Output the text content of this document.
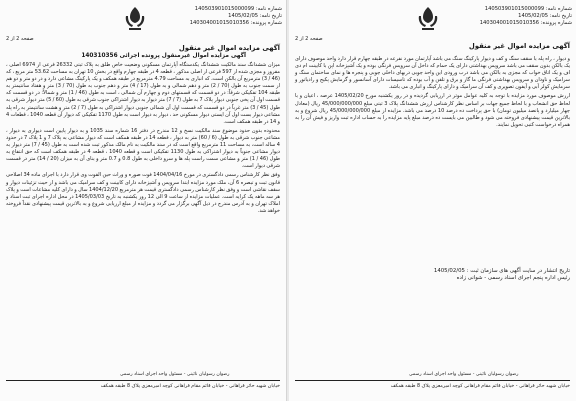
شماره نامه: 140503901015000099
تاریخ نامه: 1405/02/05
شماره پرونده: 140304001015010356
صفحه 2 از 2
آگهی مزایده اموال غیر منقول
آگهی مزایده اموال غیرمنقول پرونده اجرائی 140310356

میزان ششدانگ سند مالکیت ششدانگ یکدستگاه آپارتمان مسکونی وضعیت خاص طلق به پلاک ثبتی 26332 فرعی از 6974 اصلی ، مفروز و مجزی شده از 597 فرعی از اصلی مذکور ، قطعه 4 در طبقه چهارم واقع در بخش 10 تهران به مساحت 53.62 متر مربع ، که (46 / 3) مترمربع آن بالکن است، که انباری به مساحت 4.79 مترمربع در طبقه همکف و یک پارکینگ مشاعی دارد و در دو متر و دو هم از سمت جنوب به طول (70 / 2) متر و دهم شمالی و به طول (17 / 4) متر و دهم جنوب به طول (70 / 3) متر و هفتاد سانتیمتر به طبقه 104 تفکیکی شرقاً: در دو قسمت که قسمتهای دوم و چهارم آن شمالی ، است به طول (46 / 1) متر و شمالاً: در دو قسمت که قسمت اول آن پخی جنوبی دیوار پلاک 7 به طول (7 / 7) متر دیوار به دیوار اشتراکی جنوب شرقی به طول (60 / 5) متر دیوار شرقی به طول (45 / 3) متر غرباً در دو قسمت که قسمت اول آن شمالی جنوبی دیوار اشتراکی به طول (7 / 2) متر و هشت سانتیمتر به راه پله مشاعی دیوار بست اول آن ایستی دیوار مسکونی حد ، دیوار به دیوار است به طول 1170 تفکیکی که دیوار آن قطعه 1040 ، قطعات 4 و 14 در طبقه همکف است.

محدوده بدون حدود موضوع سند مالکیت نسخ و 12 مندرج در دفتر 16 شماره سند 1035 و به دیوار پایین است دیواری به دیوار ، مشاعی جنوب شرقی به طول (6 / 60) متر به دیوار ، قطعه 14 در طبقه همکف است که دیوار مشاعی به پلاک 7 و 1 پلاک 7 در حدود 4 ساله است، به مساحت 11 مترمربع واقع است که در سند مالکیت به نام مالک مذکور ثبت شده است به طول (45 / 7) متر دیوار به دیوار مشاعی جنوباً به دیوار اشتراکی به طول 1130 تفکیکی است و قطعه 1040 ، قطعه 4 در طبقه همکف است که حق انتفاع به طول (46 / 1) متر و مشاعی سمت راست پله ها و سرو داخلی به طول 0.8 و 0.7 متر و بنای آن به میزان (20 / 14) متر در قسمت شرقی دیوار است.

وفق نظر کارشناس رسمی دادگستری در مورخ 1404/04/16 فوت صوره و وراث حین الفوت وی قرار دارد با اجرای ماده 34 اصلاحی قانون ثبت و تبصره 6 آن، ملک مورد مزایده ابتدا سرویس و آشپزخانه دارای کابینت و کف سرامیک می باشد و از حیث تزئینات دیوار و سقف نقاشی است و وفق نظر کارشناس رسمی دادگستری قیمت هر مترمربع 1404/12/20 سال و دارای کلیه مشاعات است و پلاک هر سه ماهه یک کرایه است. عملیات مزایده از ساعت 9 الی 12 روز یکشنبه به تاریخ 1405/03/03 در محل اداره اجرای ثبت اسناد و املاک تهران و به آدرس مندرج در ذیل آگهی برگزار می گردد و مزایده از مبلغ ارزیابی شروع و به بالاترین قیمت پیشنهادی نقداً فروخته خواهد شد.

رضوان رسولیان نائینی - مسئول واحد اجرای اسناد رسمی
خیابان شهید حائر فراهانی - خیابان قائم مقام فراهانی کوچه امیرمعزی پلاک 8 طبقه همکف
شماره نامه: 140503901015000099
تاریخ نامه: 1405/02/05
شماره پرونده: 140304001015010356
صفحه 2 از 2
آگهی مزایده اموال غیر منقول

و دیوار ، راه پله با سقف سنگ و کف و دیوار پارکینگ سنگ می باشد آپارتمان مورد نفرعه در طبقه چهارم قرار دارد واحد موصوف دارای یک بالکن بدون سقف می باشد سرویس بهداشتی دارای یک حمام که داخل آن سرویس فرنگی بوده و یک آشپزخانه اپن با کابینت ام دی اف و یک اتاق خواب که مجزی به بالکن می باشد درب ورودی این واحد چوبی دربهای داخلی چوبی و پنجره ها و نمای ساختمان سنگ و سرامیک و ناودان و سرویس بهداشتی فرنگی ما گاز و برق و تلفن و آب بوده که تاسیسات دارای آسانسور و گرمایش پکیج و رادیاتور و سرمایش کولر آبی و آیفون تصویری و کف آن سرامیک و دارای پارکینگ و انباری می باشد.

ارزش موصوف مورد مزایده با توجه به کلیه عوامل موثر در ارزیابی گردیده و در روز یکشنبه مورخ 1405/02/20 عرصه ، اعیان و با لحاظ حق انشعاب و با لحاظ جمیع جهات بر اساس نظر کارشناس ارزش ششدانگ پلاک 3 ثبتی مبلغ 45/000/000/000 ریال (معادل چهار میلیارد و پانصد میلیون تومان) با حق پرداخت ده درصد 10 درصد می باشد. مزایده از مبلغ 45/000/000/000 ریال شروع و به بالاترین قیمت پیشنهادی فروخته می شود و طالبین می بایست ده درصد مبلغ پایه مزایده را به حساب اداره ثبت واریز و فیش آن را به همراه درخواست کتبی تحویل نمایند.

تاریخ انتشار در سایت آگهی های سازمان ثبت : 1405/02/05
رئیس اداره پنجم اجرای اسناد رسمی - شوانی زاده
رضوان رسولیان نائینی - مسئول واحد اجرای اسناد رسمی
خیابان شهید حائر فراهانی - خیابان قائم مقام فراهانی کوچه امیرمعزی پلاک 8 طبقه همکف
